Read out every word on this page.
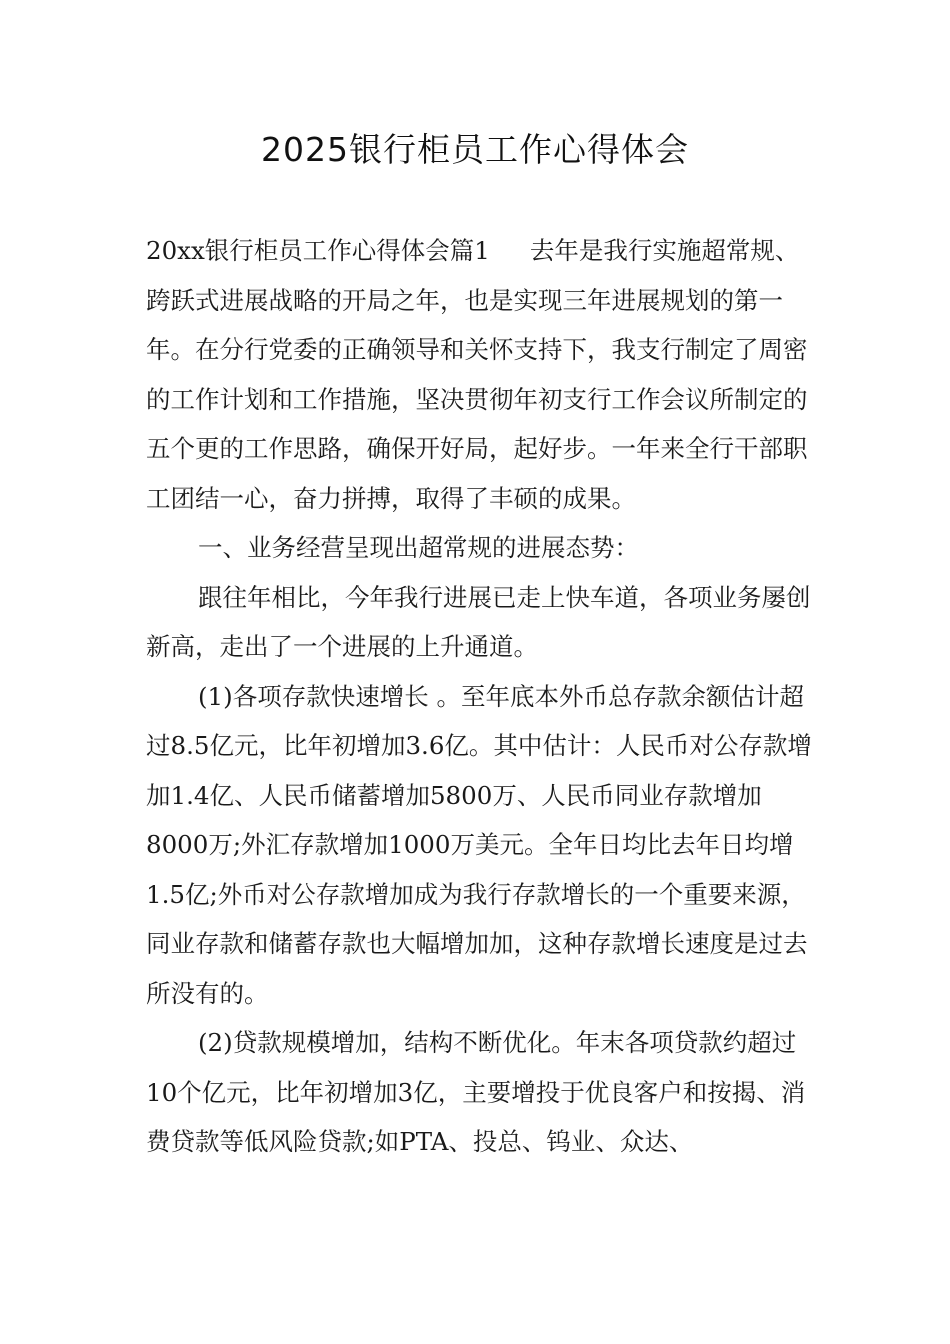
2025银行柜员工作心得体会

20xx银行柜员工作心得体会篇1 去年是我行实施超常规、跨跃式进展战略的开局之年，也是实现三年进展规划的第一年。在分行党委的正确领导和关怀支持下，我支行制定了周密的工作计划和工作措施，坚决贯彻年初支行工作会议所制定的五个更的工作思路，确保开好局，起好步。一年来全行干部职工团结一心，奋力拼搏，取得了丰硕的成果。

一、业务经营呈现出超常规的进展态势：

跟往年相比，今年我行进展已走上快车道，各项业务屡创新高，走出了一个进展的上升通道。

(1)各项存款快速增长 。至年底本外币总存款余额估计超过8.5亿元，比年初增加3.6亿。其中估计：人民币对公存款增加1.4亿、人民币储蓄增加5800万、人民币同业存款增加8000万;外汇存款增加1000万美元。全年日均比去年日均增1.5亿;外币对公存款增加成为我行存款增长的一个重要来源，同业存款和储蓄存款也大幅增加加，这种存款增长速度是过去所没有的。

(2)贷款规模增加，结构不断优化。年末各项贷款约超过10个亿元，比年初增加3亿，主要增投于优良客户和按揭、消费贷款等低风险贷款;如PTA、投总、钨业、众达、
